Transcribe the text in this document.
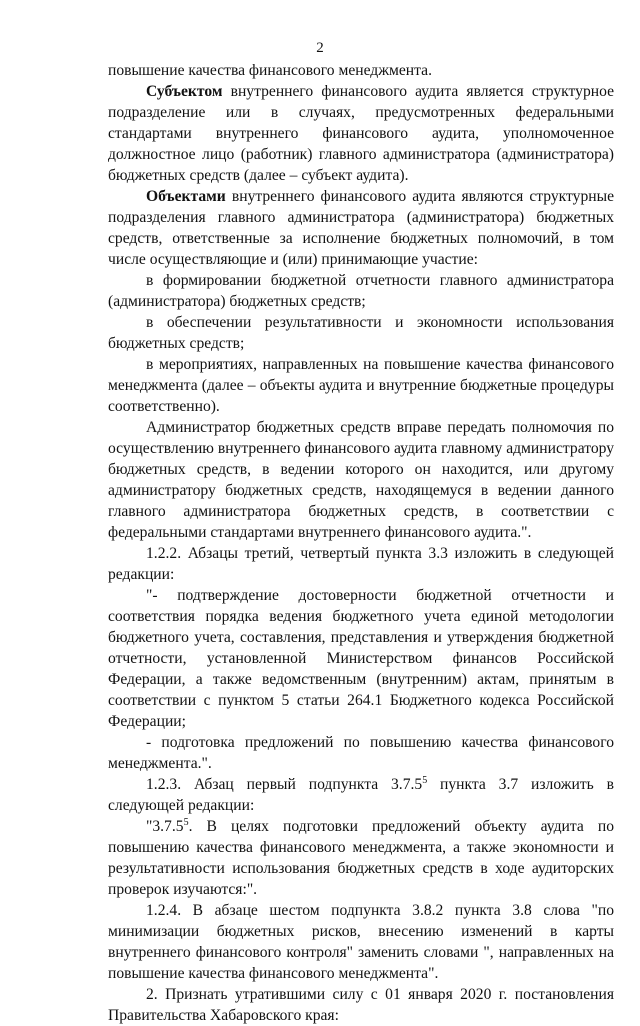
2

повышение качества финансового менеджмента.

Субъектом внутреннего финансового аудита является структурное подразделение или в случаях, предусмотренных федеральными стандартами внутреннего финансового аудита, уполномоченное должностное лицо (работник) главного администратора (администратора) бюджетных средств (далее – субъект аудита).

Объектами внутреннего финансового аудита являются структурные подразделения главного администратора (администратора) бюджетных средств, ответственные за исполнение бюджетных полномочий, в том числе осуществляющие и (или) принимающие участие:

в формировании бюджетной отчетности главного администратора (администратора) бюджетных средств;

в обеспечении результативности и экономности использования бюджетных средств;

в мероприятиях, направленных на повышение качества финансового менеджмента (далее – объекты аудита и внутренние бюджетные процедуры соответственно).

Администратор бюджетных средств вправе передать полномочия по осуществлению внутреннего финансового аудита главному администратору бюджетных средств, в ведении которого он находится, или другому администратору бюджетных средств, находящемуся в ведении данного главного администратора бюджетных средств, в соответствии с федеральными стандартами внутреннего финансового аудита.".

1.2.2. Абзацы третий, четвертый пункта 3.3 изложить в следующей редакции:

"- подтверждение достоверности бюджетной отчетности и соответствия порядка ведения бюджетного учета единой методологии бюджетного учета, составления, представления и утверждения бюджетной отчетности, установленной Министерством финансов Российской Федерации, а также ведомственным (внутренним) актам, принятым в соответствии с пунктом 5 статьи 264.1 Бюджетного кодекса Российской Федерации;

- подготовка предложений по повышению качества финансового менеджмента.".

1.2.3. Абзац первый подпункта 3.7.5$^5$ пункта 3.7 изложить в следующей редакции:

"3.7.5$^5$. В целях подготовки предложений объекту аудита по повышению качества финансового менеджмента, а также экономности и результативности использования бюджетных средств в ходе аудиторских проверок изучаются:".

1.2.4. В абзаце шестом подпункта 3.8.2 пункта 3.8 слова "по минимизации бюджетных рисков, внесению изменений в карты внутреннего финансового контроля" заменить словами ", направленных на повышение качества финансового менеджмента".

2. Признать утратившими силу с 01 января 2020 г. постановления Правительства Хабаровского края:
